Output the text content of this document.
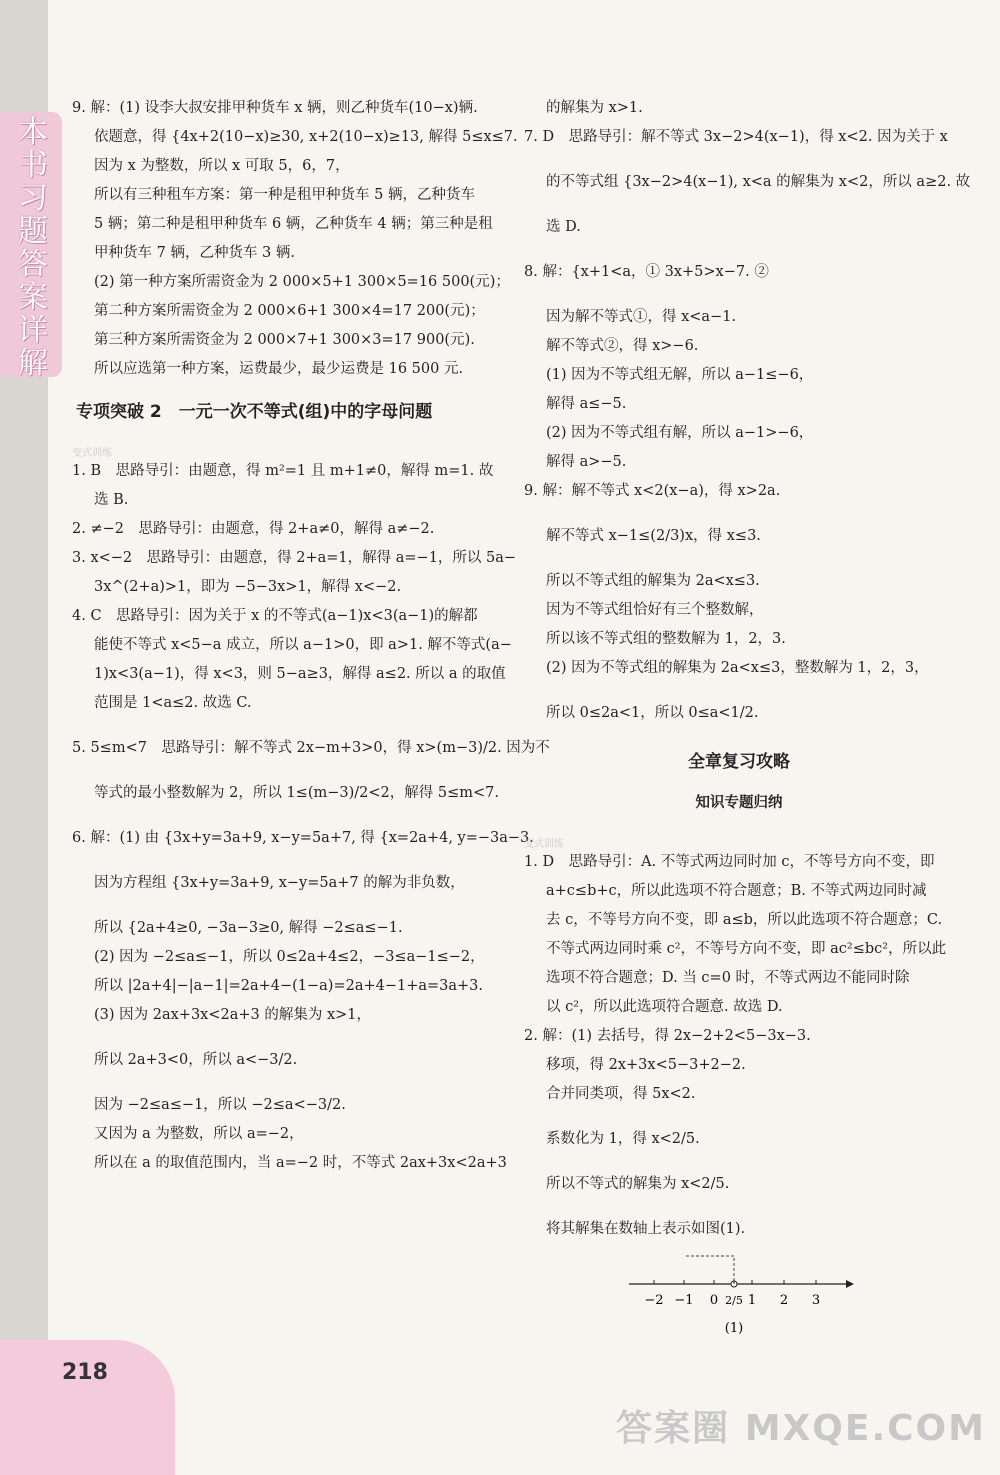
本
书
习
题
答
案
详
解
218
答案圈 MXQE.COM
9. 解：(1) 设李大叔安排甲种货车 x 辆，则乙种货车(10−x)辆.
依题意，得 {4x+2(10−x)≥30, x+2(10−x)≥13, 解得 5≤x≤7.
因为 x 为整数，所以 x 可取 5，6，7，
所以有三种租车方案：第一种是租甲种货车 5 辆，乙种货车
5 辆；第二种是租甲种货车 6 辆，乙种货车 4 辆；第三种是租
甲种货车 7 辆，乙种货车 3 辆.
(2) 第一种方案所需资金为 2 000×5+1 300×5=16 500(元)；
第二种方案所需资金为 2 000×6+1 300×4=17 200(元)；
第三种方案所需资金为 2 000×7+1 300×3=17 900(元).
所以应选第一种方案，运费最少，最少运费是 16 500 元.
专项突破 2　一元一次不等式(组)中的字母问题
变式训练
1. B　思路导引：由题意，得 m²=1 且 m+1≠0，解得 m=1. 故
选 B.
2. ≠−2　思路导引：由题意，得 2+a≠0，解得 a≠−2.
3. x<−2　思路导引：由题意，得 2+a=1，解得 a=−1，所以 5a−
3x^(2+a)>1，即为 −5−3x>1，解得 x<−2.
4. C　思路导引：因为关于 x 的不等式(a−1)x<3(a−1)的解都
能使不等式 x<5−a 成立，所以 a−1>0，即 a>1. 解不等式(a−
1)x<3(a−1)，得 x<3，则 5−a≥3，解得 a≤2. 所以 a 的取值
范围是 1<a≤2. 故选 C.
5. 5≤m<7　思路导引：解不等式 2x−m+3>0，得 x>(m−3)/2. 因为不
等式的最小整数解为 2，所以 1≤(m−3)/2<2，解得 5≤m<7.
6. 解：(1) 由 {3x+y=3a+9, x−y=5a+7, 得 {x=2a+4, y=−3a−3.
因为方程组 {3x+y=3a+9, x−y=5a+7 的解为非负数，
所以 {2a+4≥0, −3a−3≥0, 解得 −2≤a≤−1.
(2) 因为 −2≤a≤−1，所以 0≤2a+4≤2，−3≤a−1≤−2，
所以 |2a+4|−|a−1|=2a+4−(1−a)=2a+4−1+a=3a+3.
(3) 因为 2ax+3x<2a+3 的解集为 x>1，
所以 2a+3<0，所以 a<−3/2.
因为 −2≤a≤−1，所以 −2≤a<−3/2.
又因为 a 为整数，所以 a=−2，
所以在 a 的取值范围内，当 a=−2 时，不等式 2ax+3x<2a+3
的解集为 x>1.
7. D　思路导引：解不等式 3x−2>4(x−1)，得 x<2. 因为关于 x
的不等式组 {3x−2>4(x−1), x<a 的解集为 x<2，所以 a≥2. 故
选 D.
8. 解：{x+1<a，① 3x+5>x−7. ②
因为解不等式①，得 x<a−1.
解不等式②，得 x>−6.
(1) 因为不等式组无解，所以 a−1≤−6，
解得 a≤−5.
(2) 因为不等式组有解，所以 a−1>−6，
解得 a>−5.
9. 解：解不等式 x<2(x−a)，得 x>2a.
解不等式 x−1≤(2/3)x，得 x≤3.
所以不等式组的解集为 2a<x≤3.
因为不等式组恰好有三个整数解，
所以该不等式组的整数解为 1，2，3.
(2) 因为不等式组的解集为 2a<x≤3，整数解为 1，2，3，
所以 0≤2a<1，所以 0≤a<1/2.
全章复习攻略
知识专题归纳
变式训练
1. D　思路导引：A. 不等式两边同时加 c，不等号方向不变，即
a+c≤b+c，所以此选项不符合题意；B. 不等式两边同时减
去 c，不等号方向不变，即 a≤b，所以此选项不符合题意；C.
不等式两边同时乘 c²，不等号方向不变，即 ac²≤bc²，所以此
选项不符合题意；D. 当 c=0 时，不等式两边不能同时除
以 c²，所以此选项符合题意. 故选 D.
2. 解：(1) 去括号，得 2x−2+2<5−3x−3.
移项，得 2x+3x<5−3+2−2.
合并同类项，得 5x<2.
系数化为 1，得 x<2/5.
所以不等式的解集为 x<2/5.
将其解集在数轴上表示如图(1).
−2 −1 0 2/5 1 2 3
(1)
